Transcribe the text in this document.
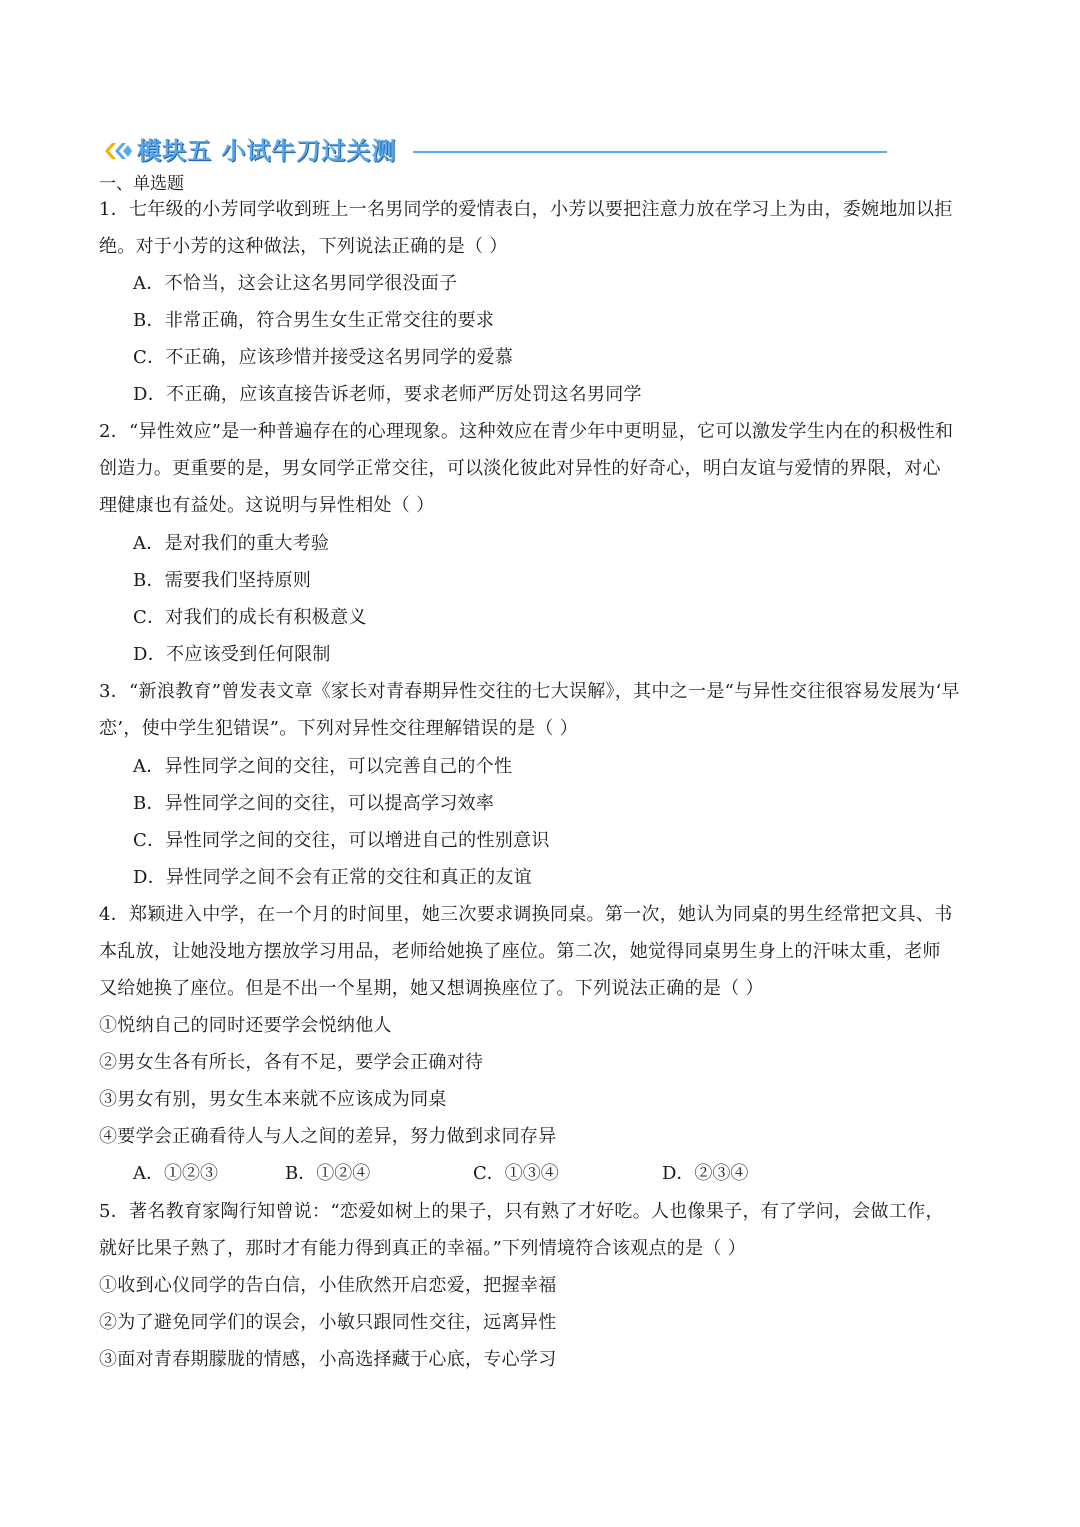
模块五 小试牛刀过关测
一、单选题
1．七年级的小芳同学收到班上一名男同学的爱情表白，小芳以要把注意力放在学习上为由，委婉地加以拒
绝。对于小芳的这种做法，下列说法正确的是（ ）
A．不恰当，这会让这名男同学很没面子
B．非常正确，符合男生女生正常交往的要求
C．不正确，应该珍惜并接受这名男同学的爱慕
D．不正确，应该直接告诉老师，要求老师严厉处罚这名男同学
2．“异性效应”是一种普遍存在的心理现象。这种效应在青少年中更明显，它可以激发学生内在的积极性和
创造力。更重要的是，男女同学正常交往，可以淡化彼此对异性的好奇心，明白友谊与爱情的界限，对心
理健康也有益处。这说明与异性相处（ ）
A．是对我们的重大考验
B．需要我们坚持原则
C．对我们的成长有积极意义
D．不应该受到任何限制
3．“新浪教育”曾发表文章《家长对青春期异性交往的七大误解》，其中之一是“与异性交往很容易发展为‘早
恋’，使中学生犯错误”。下列对异性交往理解错误的是（ ）
A．异性同学之间的交往，可以完善自己的个性
B．异性同学之间的交往，可以提高学习效率
C．异性同学之间的交往，可以增进自己的性别意识
D．异性同学之间不会有正常的交往和真正的友谊
4．郑颖进入中学，在一个月的时间里，她三次要求调换同桌。第一次，她认为同桌的男生经常把文具、书
本乱放，让她没地方摆放学习用品，老师给她换了座位。第二次，她觉得同桌男生身上的汗味太重，老师
又给她换了座位。但是不出一个星期，她又想调换座位了。下列说法正确的是（ ）
①悦纳自己的同时还要学会悦纳他人
②男女生各有所长，各有不足，要学会正确对待
③男女有别，男女生本来就不应该成为同桌
④要学会正确看待人与人之间的差异，努力做到求同存异
A．①②③	B．①②④	C．①③④	D．②③④
5．著名教育家陶行知曾说：“恋爱如树上的果子，只有熟了才好吃。人也像果子，有了学问，会做工作，
就好比果子熟了，那时才有能力得到真正的幸福。”下列情境符合该观点的是（ ）
①收到心仪同学的告白信，小佳欣然开启恋爱，把握幸福
②为了避免同学们的误会，小敏只跟同性交往，远离异性
③面对青春期朦胧的情感，小高选择藏于心底，专心学习
